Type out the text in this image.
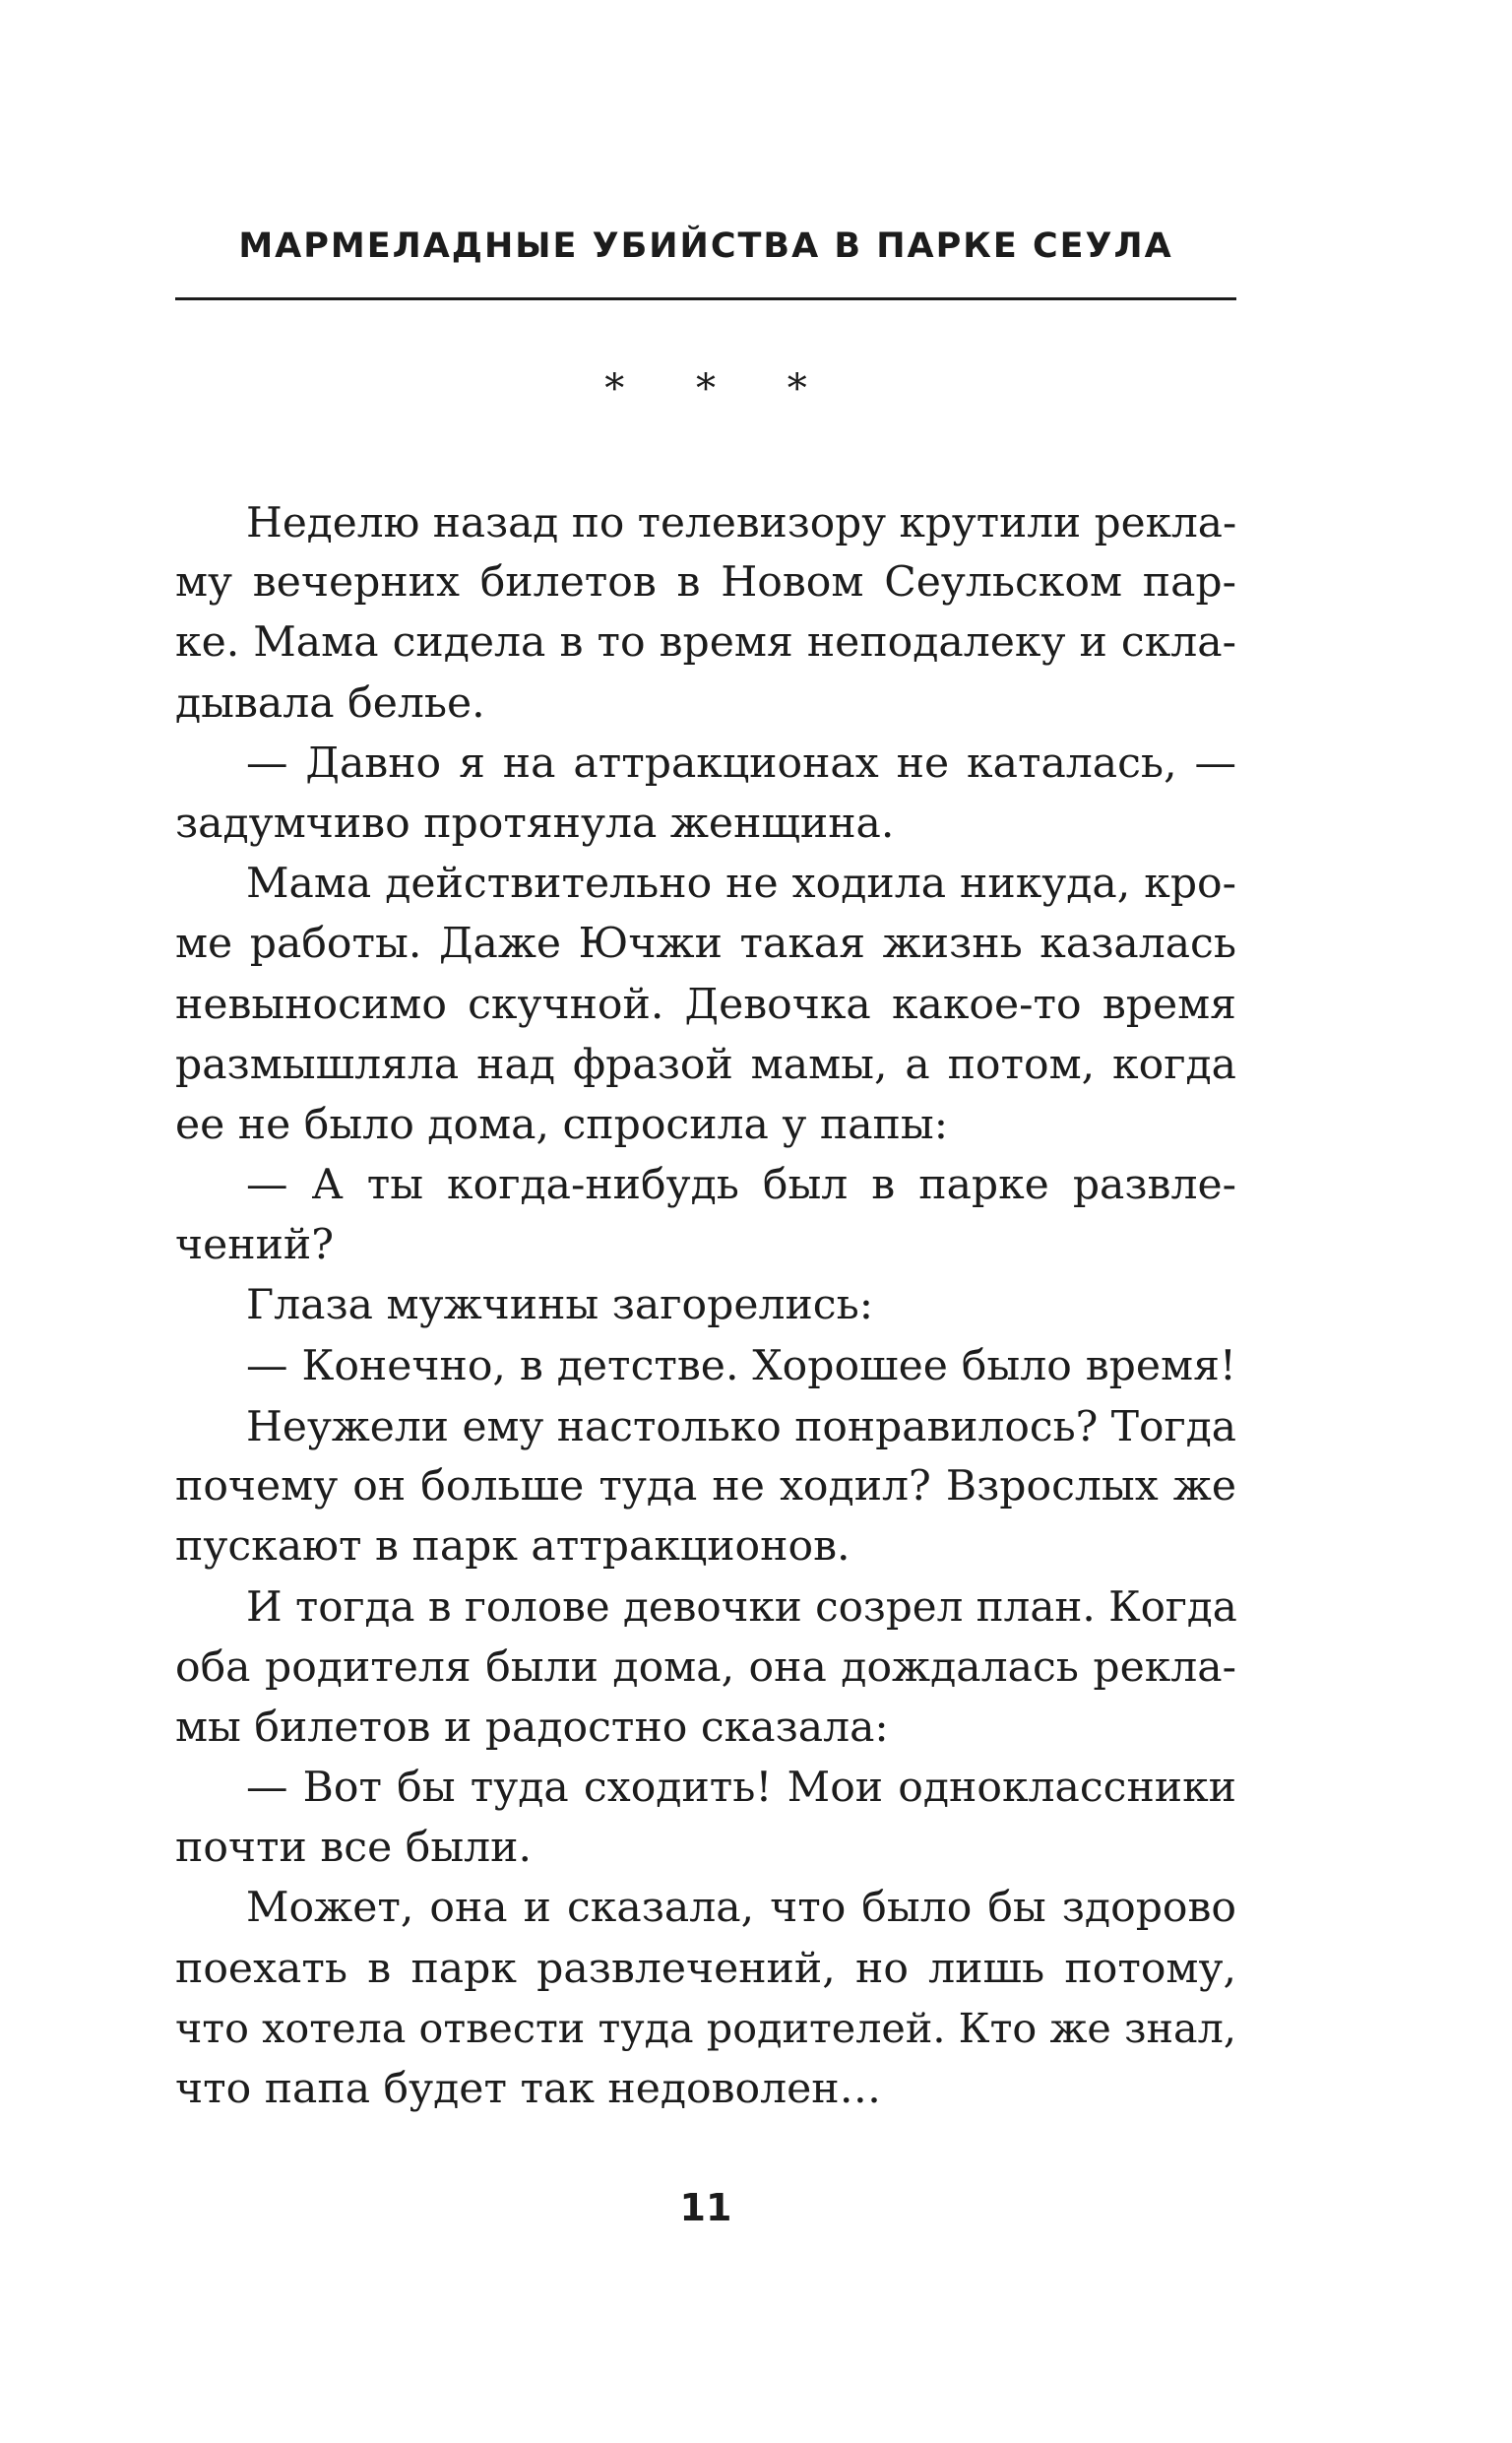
МАРМЕЛАДНЫЕ УБИЙСТВА В ПАРКЕ СЕУЛА
* * *
Неделю назад по телевизору крутили рекла-
му вечерних билетов в Новом Сеульском пар-
ке. Мама сидела в то время неподалеку и скла-
дывала белье.
— Давно я на аттракционах не каталась, —
задумчиво протянула женщина.
Мама действительно не ходила никуда, кро-
ме работы. Даже Ючжи такая жизнь казалась
невыносимо скучной. Девочка какое-то время
размышляла над фразой мамы, а потом, когда
ее не было дома, спросила у папы:
— А ты когда-нибудь был в парке развле-
чений?
Глаза мужчины загорелись:
— Конечно, в детстве. Хорошее было время!
Неужели ему настолько понравилось? Тогда
почему он больше туда не ходил? Взрослых же
пускают в парк аттракционов.
И тогда в голове девочки созрел план. Когда
оба родителя были дома, она дождалась рекла-
мы билетов и радостно сказала:
— Вот бы туда сходить! Мои одноклассники
почти все были.
Может, она и сказала, что было бы здорово
поехать в парк развлечений, но лишь потому,
что хотела отвести туда родителей. Кто же знал,
что папа будет так недоволен…
11
